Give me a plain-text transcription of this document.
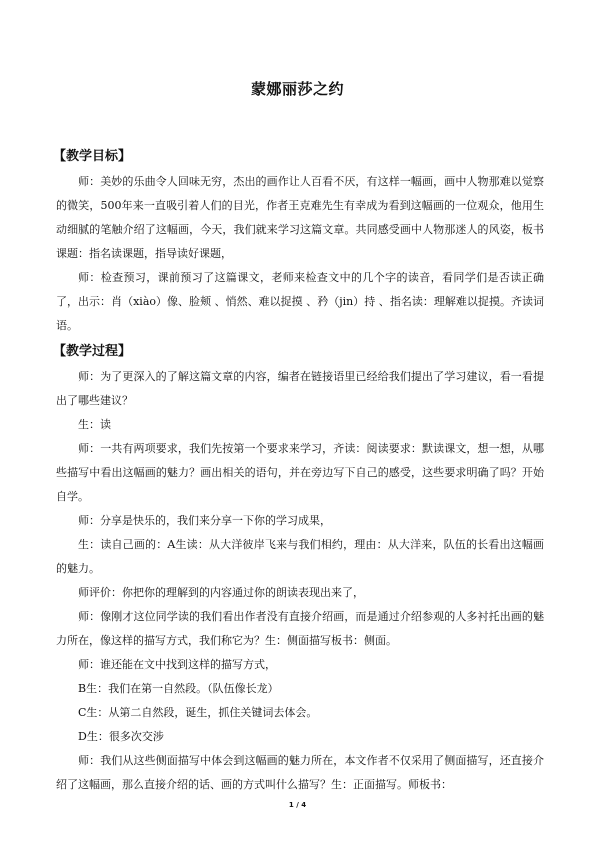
蒙娜丽莎之约
【教学目标】

师：美妙的乐曲令人回味无穷，杰出的画作让人百看不厌，有这样一幅画，画中人物那难以觉察的微笑，500年来一直吸引着人们的目光，作者王克难先生有幸成为看到这幅画的一位观众，他用生动细腻的笔触介绍了这幅画，今天，我们就来学习这篇文章。共同感受画中人物那迷人的风姿，板书课题：指名读课题，指导读好课题，

师：检查预习，课前预习了这篇课文，老师来检查文中的几个字的读音，看同学们是否读正确了，出示：肖（xiào）像、脸颊 、悄然、难以捉摸 、矜（jin）持 、指名读：理解难以捉摸。齐读词语。

【教学过程】

师：为了更深入的了解这篇文章的内容，编者在链接语里已经给我们提出了学习建议，看一看提出了哪些建议？

生：读

师：一共有两项要求，我们先按第一个要求来学习，齐读：阅读要求：默读课文，想一想，从哪些描写中看出这幅画的魅力？画出相关的语句，并在旁边写下自己的感受，这些要求明确了吗？开始自学。

师：分享是快乐的，我们来分享一下你的学习成果，

生：读自己画的：A生读：从大洋彼岸飞来与我们相约，理由：从大洋来，队伍的长看出这幅画的魅力。

师评价：你把你的理解到的内容通过你的朗读表现出来了，

师：像刚才这位同学读的我们看出作者没有直接介绍画，而是通过介绍参观的人多衬托出画的魅力所在，像这样的描写方式，我们称它为？生：侧面描写板书：侧面。

师：谁还能在文中找到这样的描写方式，

B生：我们在第一自然段。（队伍像长龙）

C生：从第二自然段，诞生，抓住关键词去体会。

D生：很多次交涉

师：我们从这些侧面描写中体会到这幅画的魅力所在，本文作者不仅采用了侧面描写，还直接介绍了这幅画，那么直接介绍的话、画的方式叫什么描写？生：正面描写。师板书：

1 / 4
